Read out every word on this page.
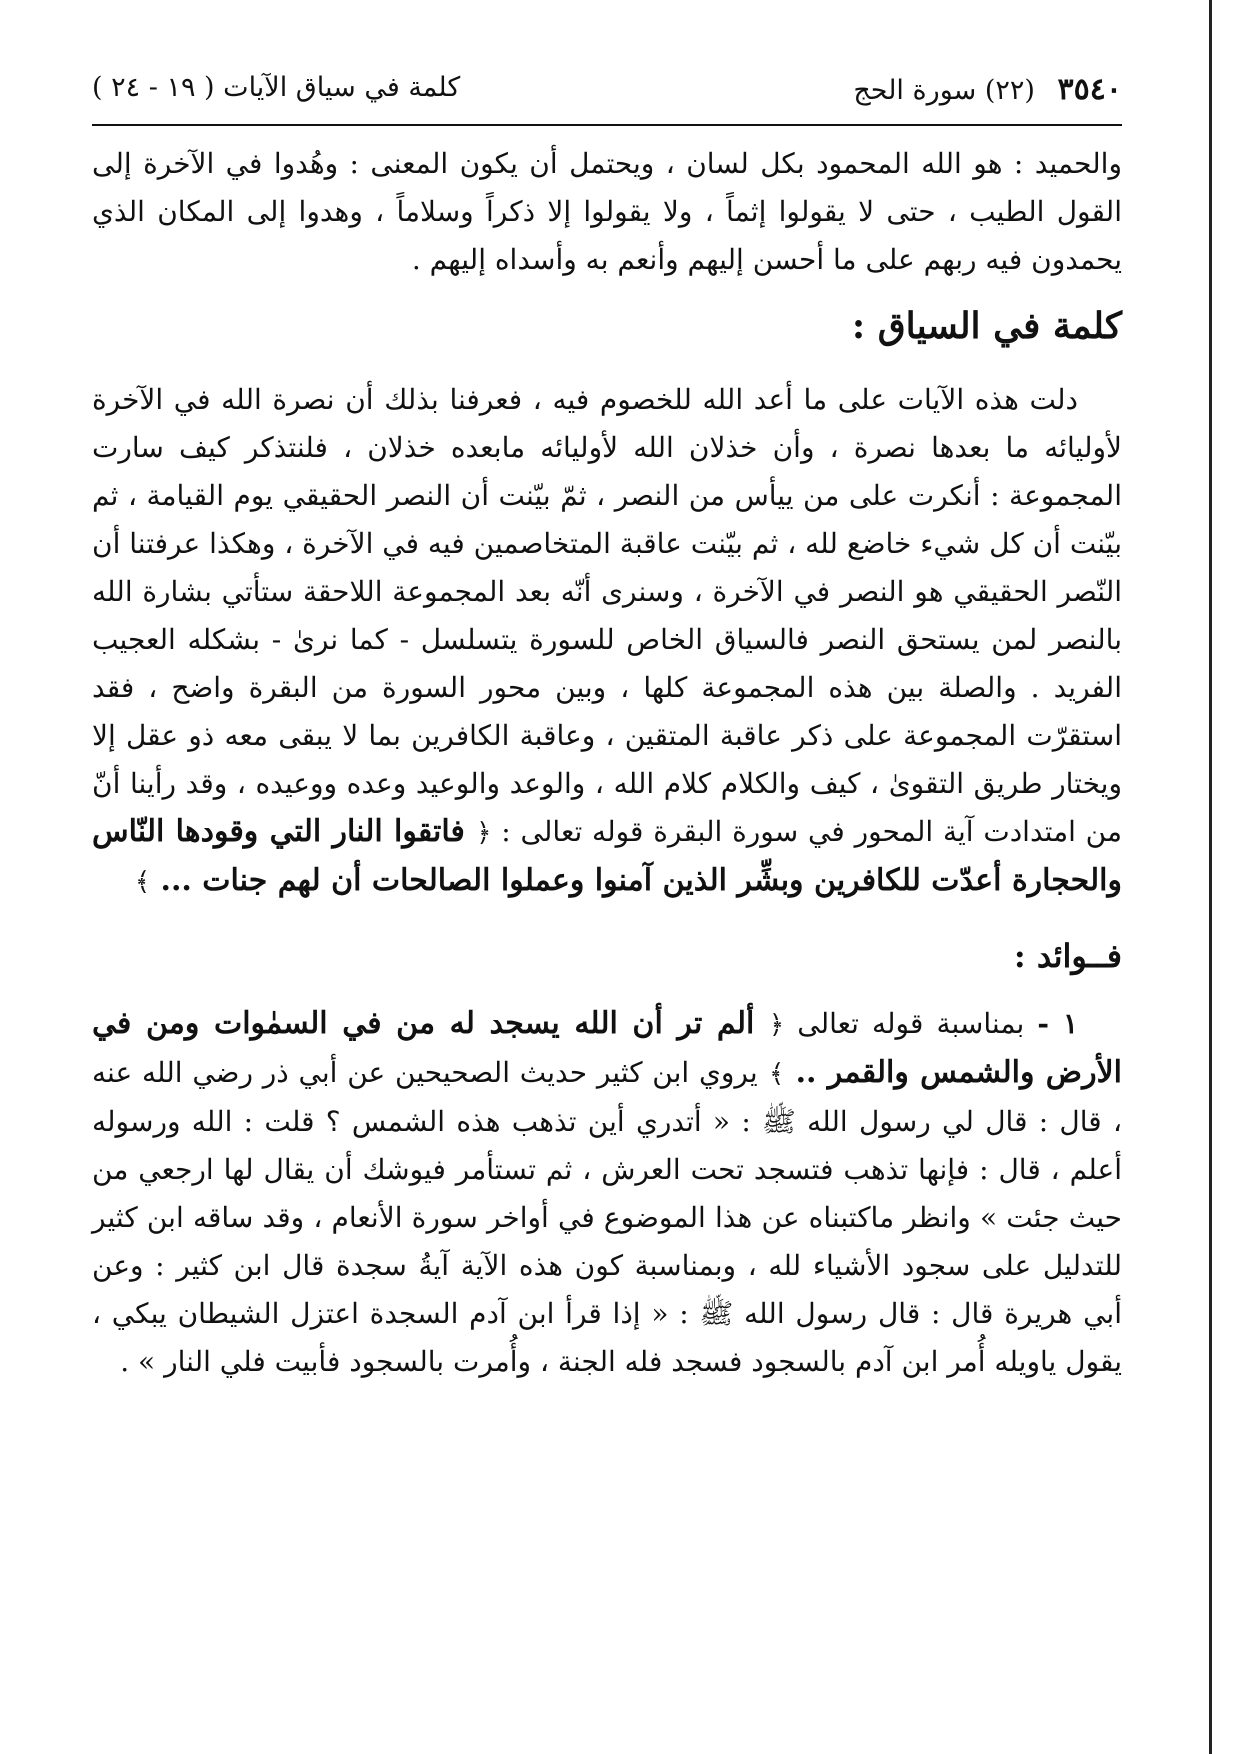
٣٥٤٠ (٢٢) سورة الحج
كلمة في سياق الآيات ( ١٩ - ٢٤ )

والحميد : هو الله المحمود بكل لسان ، ويحتمل أن يكون المعنى : وهُدوا في الآخرة إلى القول الطيب ، حتى لا يقولوا إثماً ، ولا يقولوا إلا ذكراً وسلاماً ، وهدوا إلى المكان الذي يحمدون فيه ربهم على ما أحسن إليهم وأنعم به وأسداه إليهم .

كلمة في السياق :

دلت هذه الآيات على ما أعد الله للخصوم فيه ، فعرفنا بذلك أن نصرة الله في الآخرة لأوليائه ما بعدها نصرة ، وأن خذلان الله لأوليائه مابعده خذلان ، فلنتذكر كيف سارت المجموعة : أنكرت على من ييأس من النصر ، ثمّ بيّنت أن النصر الحقيقي يوم القيامة ، ثم بيّنت أن كل شيء خاضع لله ، ثم بيّنت عاقبة المتخاصمين فيه في الآخرة ، وهكذا عرفتنا أن النّصر الحقيقي هو النصر في الآخرة ، وسنرى أنّه بعد المجموعة اللاحقة ستأتي بشارة الله بالنصر لمن يستحق النصر فالسياق الخاص للسورة يتسلسل - كما نرىٰ - بشكله العجيب الفريد . والصلة بين هذه المجموعة كلها ، وبين محور السورة من البقرة واضح ، فقد استقرّت المجموعة على ذكر عاقبة المتقين ، وعاقبة الكافرين بما لا يبقى معه ذو عقل إلا ويختار طريق التقوىٰ ، كيف والكلام كلام الله ، والوعد والوعيد وعده ووعيده ، وقد رأينا أنّ من امتدادت آية المحور في سورة البقرة قوله تعالى : ﴿ فاتقوا النار التي وقودها النّاس والحجارة أعدّت للكافرين وبشِّر الذين آمنوا وعملوا الصالحات أن لهم جنات ... ﴾

فــوائد :

١ - بمناسبة قوله تعالى ﴿ ألم تر أن الله يسجد له من في السمٰوات ومن في الأرض والشمس والقمر .. ﴾ يروي ابن كثير حديث الصحيحين عن أبي ذر رضي الله عنه ، قال : قال لي رسول الله ﷺ : « أتدري أين تذهب هذه الشمس ؟ قلت : الله ورسوله أعلم ، قال : فإنها تذهب فتسجد تحت العرش ، ثم تستأمر فيوشك أن يقال لها ارجعي من حيث جئت » وانظر ماكتبناه عن هذا الموضوع في أواخر سورة الأنعام ، وقد ساقه ابن كثير للتدليل على سجود الأشياء لله ، وبمناسبة كون هذه الآية آيةُ سجدة قال ابن كثير : وعن أبي هريرة قال : قال رسول الله ﷺ : « إذا قرأ ابن آدم السجدة اعتزل الشيطان يبكي ، يقول ياويله أُمر ابن آدم بالسجود فسجد فله الجنة ، وأُمرت بالسجود فأبيت فلي النار » .
